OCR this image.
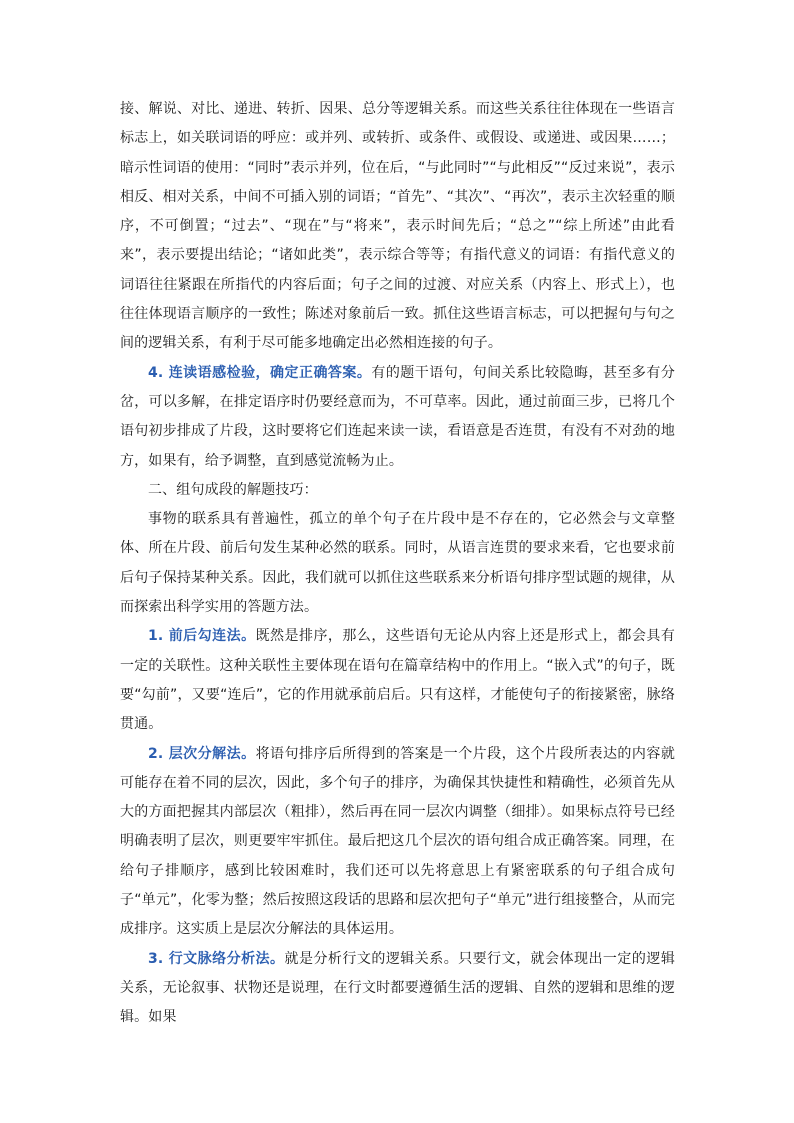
接、解说、对比、递进、转折、因果、总分等逻辑关系。而这些关系往往体现在一些语言标志上，如关联词语的呼应：或并列、或转折、或条件、或假设、或递进、或因果……；暗示性词语的使用：“同时”表示并列，位在后，“与此同时”“与此相反”“反过来说”，表示相反、相对关系，中间不可插入别的词语；“首先”、“其次”、“再次”，表示主次轻重的顺序，不可倒置；“过去”、“现在”与“将来”，表示时间先后；“总之”“综上所述”由此看来”，表示要提出结论；“诸如此类”，表示综合等等；有指代意义的词语：有指代意义的词语往往紧跟在所指代的内容后面；句子之间的过渡、对应关系（内容上、形式上），也往往体现语言顺序的一致性；陈述对象前后一致。抓住这些语言标志，可以把握句与句之间的逻辑关系，有利于尽可能多地确定出必然相连接的句子。

4. 连读语感检验，确定正确答案。有的题干语句，句间关系比较隐晦，甚至多有分岔，可以多解，在排定语序时仍要经意而为，不可草率。因此，通过前面三步，已将几个语句初步排成了片段，这时要将它们连起来读一读，看语意是否连贯，有没有不对劲的地方，如果有，给予调整，直到感觉流畅为止。

二、组句成段的解题技巧：

事物的联系具有普遍性，孤立的单个句子在片段中是不存在的，它必然会与文章整体、所在片段、前后句发生某种必然的联系。同时，从语言连贯的要求来看，它也要求前后句子保持某种关系。因此，我们就可以抓住这些联系来分析语句排序型试题的规律，从而探索出科学实用的答题方法。

1. 前后勾连法。既然是排序，那么，这些语句无论从内容上还是形式上，都会具有一定的关联性。这种关联性主要体现在语句在篇章结构中的作用上。“嵌入式”的句子，既要“勾前”，又要“连后”，它的作用就承前启后。只有这样，才能使句子的衔接紧密，脉络贯通。

2. 层次分解法。将语句排序后所得到的答案是一个片段，这个片段所表达的内容就可能存在着不同的层次，因此，多个句子的排序，为确保其快捷性和精确性，必须首先从大的方面把握其内部层次（粗排），然后再在同一层次内调整（细排）。如果标点符号已经明确表明了层次，则更要牢牢抓住。最后把这几个层次的语句组合成正确答案。同理，在给句子排顺序，感到比较困难时，我们还可以先将意思上有紧密联系的句子组合成句子“单元”，化零为整；然后按照这段话的思路和层次把句子“单元”进行组接整合，从而完成排序。这实质上是层次分解法的具体运用。

3. 行文脉络分析法。就是分析行文的逻辑关系。只要行文，就会体现出一定的逻辑关系，无论叙事、状物还是说理，在行文时都要遵循生活的逻辑、自然的逻辑和思维的逻辑。如果
